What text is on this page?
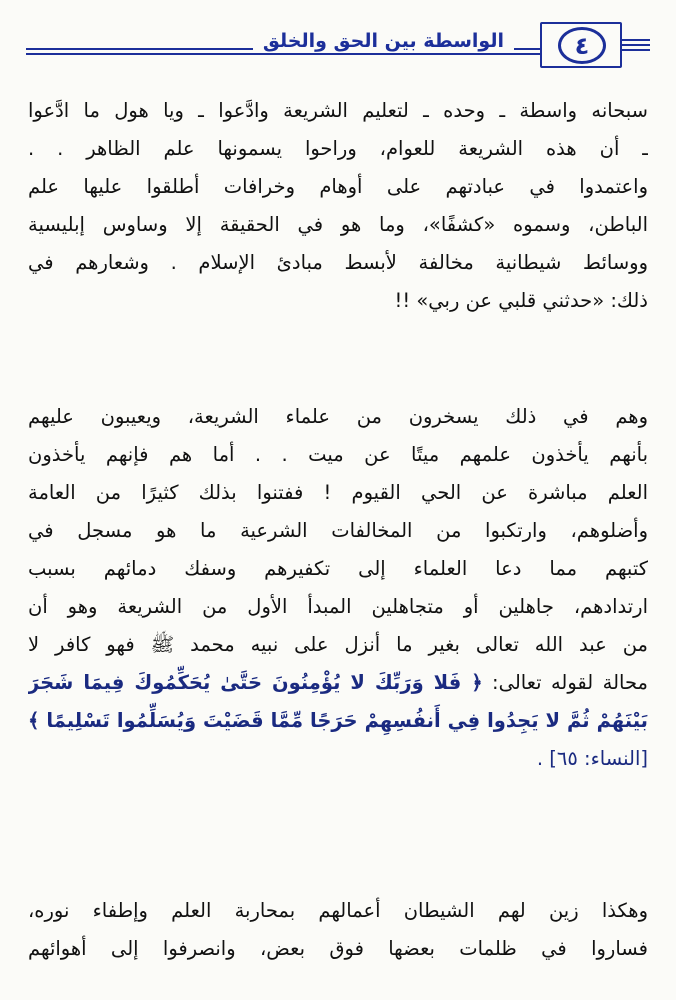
٤
الواسطة بين الحق والخلق
سبحانه واسطة ـ وحده ـ لتعليم الشريعة وادَّعوا ـ ويا هول ما ادَّعوا
ـ أن هذه الشريعة للعوام، وراحوا يسمونها علم الظاهر . .
واعتمدوا في عبادتهم على أوهام وخرافات أطلقوا عليها علم
الباطن، وسموه «كشفًا»، وما هو في الحقيقة إلا وساوس إبليسية
ووسائط شيطانية مخالفة لأبسط مبادئ الإسلام . وشعارهم في
ذلك: «حدثني قلبي عن ربي» !!
وهم في ذلك يسخرون من علماء الشريعة، ويعيبون عليهم
بأنهم يأخذون علمهم ميتًا عن ميت . . أما هم فإنهم يأخذون
العلم مباشرة عن الحي القيوم ! ففتنوا بذلك كثيرًا من العامة
وأضلوهم، وارتكبوا من المخالفات الشرعية ما هو مسجل في
كتبهم مما دعا العلماء إلى تكفيرهم وسفك دمائهم بسبب
ارتدادهم، جاهلين أو متجاهلين المبدأ الأول من الشريعة وهو أن
من عبد الله تعالى بغير ما أنزل على نبيه محمد ﷺ فهو كافر لا
محالة لقوله تعالى: ﴿ فَلا وَرَبِّكَ لا يُؤْمِنُونَ حَتَّىٰ يُحَكِّمُوكَ فِيمَا شَجَرَ
بَيْنَهُمْ ثُمَّ لا يَجِدُوا فِي أَنفُسِهِمْ حَرَجًا مِّمَّا قَضَيْتَ وَيُسَلِّمُوا تَسْلِيمًا ﴾
[النساء: ٦٥] .
وهكذا زين لهم الشيطان أعمالهم بمحاربة العلم وإطفاء نوره،
فساروا في ظلمات بعضها فوق بعض، وانصرفوا إلى أهوائهم
